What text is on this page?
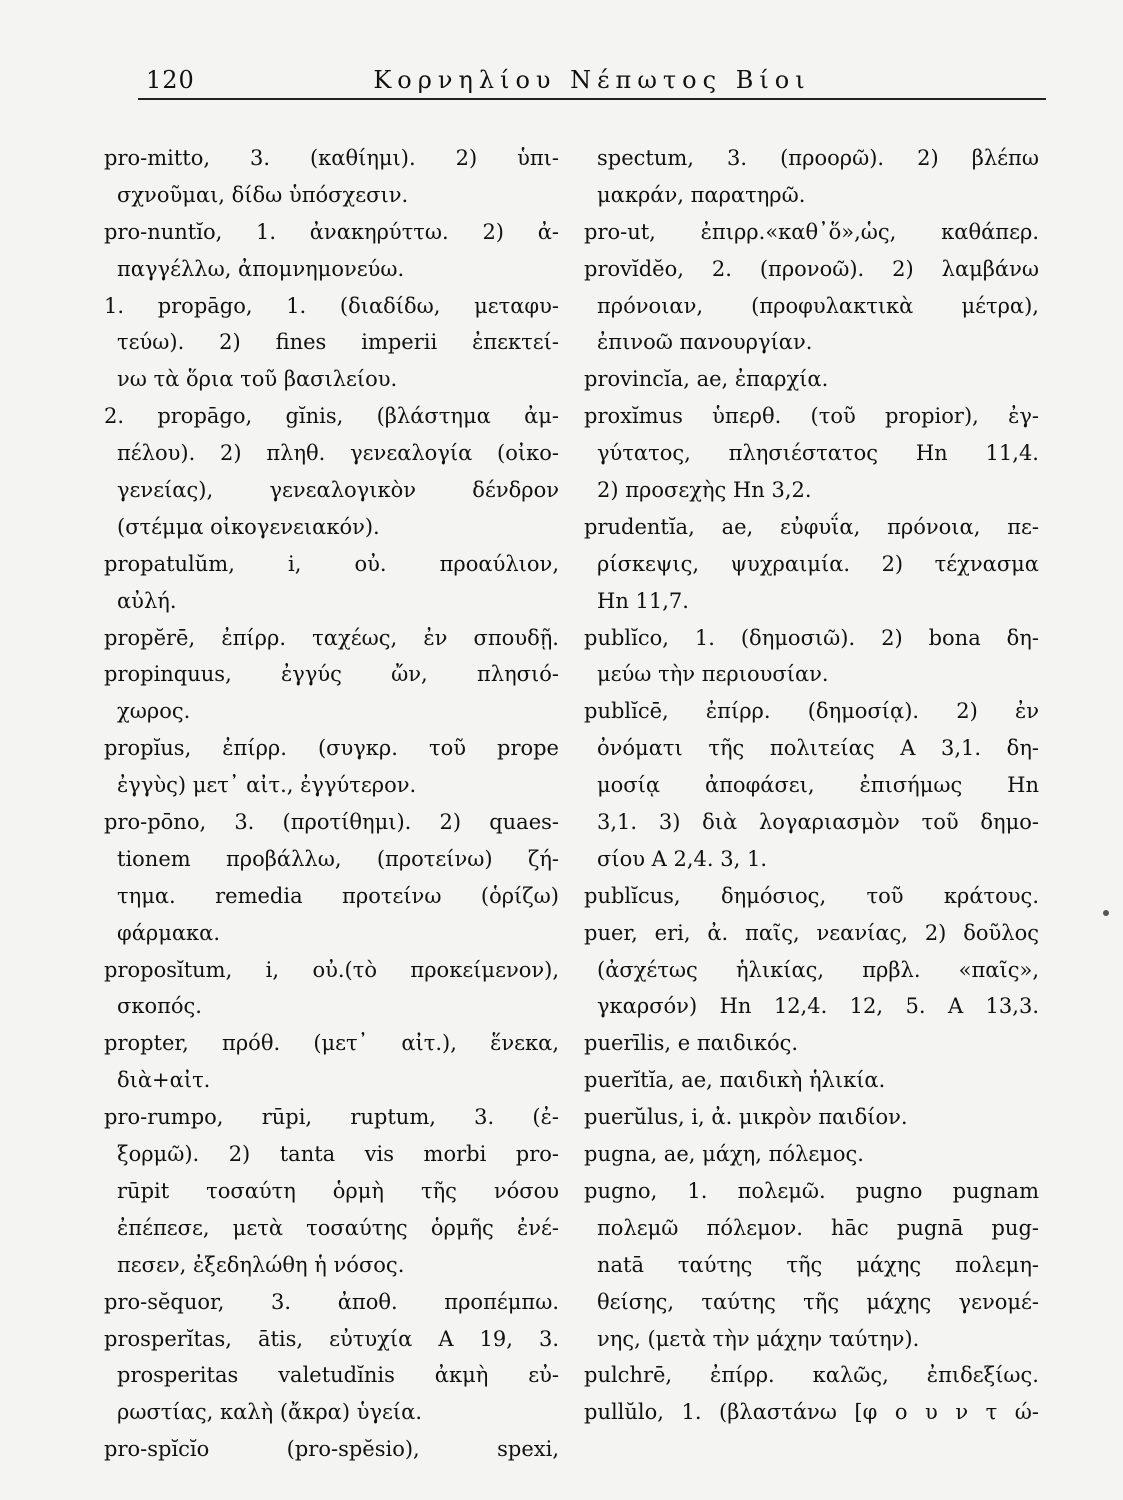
120	Κορνηλίου Νέπωτος Βίοι
pro-mitto, 3. (καθίημι). 2) ὑπι-
σχνοῦμαι, δίδω ὑπόσχεσιν.
pro-nuntĭo, 1. ἀνακηρύττω. 2) ἀ-
παγγέλλω, ἀπομνημονεύω.
1. propāgo, 1. (διαδίδω, μεταφυ-
τεύω). 2) fines imperii ἐπεκτεί-
νω τὰ ὅρια τοῦ βασιλείου.
2. propāgo, gĭnis, (βλάστημα ἀμ-
πέλου). 2) πληθ. γενεαλογία (οἰκο-
γενείας), γενεαλογικὸν δένδρον
(στέμμα οἰκογενειακόν).
propatulŭm, i, οὐ. προαύλιον,
αὐλή.
propĕrē, ἐπίρρ. ταχέως, ἐν σπουδῇ.
propinquus, ἐγγύς ὤν, πλησιό-
χωρος.
propĭus, ἐπίρρ. (συγκρ. τοῦ prope
ἐγγὺς) μετ᾽ αἰτ., ἐγγύτερον.
pro-pōno, 3. (προτίθημι). 2) quaes-
tionem προβάλλω, (προτείνω) ζή-
τημα. remedia προτείνω (ὁρίζω)
φάρμακα.
proposĭtum, i, οὐ.(τὸ προκείμενον),
σκοπός.
propter, πρόθ. (μετ᾽ αἰτ.), ἕνεκα,
διὰ+αἰτ.
pro-rumpo, rūpi, ruptum, 3. (ἐ-
ξορμῶ). 2) tanta vis morbi pro-
rūpit τοσαύτη ὁρμὴ τῆς νόσου
ἐπέπεσε, μετὰ τοσαύτης ὁρμῆς ἐνέ-
πεσεν, ἐξεδηλώθη ἡ νόσος.
pro-sĕquor, 3. ἀποθ. προπέμπω.
prosperĭtas, ātis, εὐτυχία A 19, 3.
prosperitas valetudĭnis ἀκμὴ εὐ-
ρωστίας, καλὴ (ἄκρα) ὑγεία.
pro-spĭcĭo (pro-spĕsio), spexi,
spectum, 3. (προορῶ). 2) βλέπω
μακράν, παρατηρῶ.
pro-ut, ἐπιρρ.«καθ᾽ὅ»,ὡς, καθάπερ.
provĭdĕo, 2. (προνοῶ). 2) λαμβάνω
πρόνοιαν, (προφυλακτικὰ μέτρα),
ἐπινοῶ πανουργίαν.
provincĭa, ae, ἐπαρχία.
proxĭmus ὑπερθ. (τοῦ propior), ἐγ-
γύτατος, πλησιέστατος Hn 11,4.
2) προσεχὴς Hn 3,2.
prudentĭa, ae, εὐφυΐα, πρόνοια, πε-
ρίσκεψις, ψυχραιμία. 2) τέχνασμα
Hn 11,7.
publĭco, 1. (δημοσιῶ). 2) bona δη-
μεύω τὴν περιουσίαν.
publĭcē, ἐπίρρ. (δημοσίᾳ). 2) ἐν
ὀνόματι τῆς πολιτείας A 3,1. δη-
μοσίᾳ ἀποφάσει, ἐπισήμως Hn
3,1. 3) διὰ λογαριασμὸν τοῦ δημο-
σίου A 2,4. 3, 1.
publĭcus, δημόσιος, τοῦ κράτους.
puer, eri, ἀ. παῖς, νεανίας, 2) δοῦλος
(ἀσχέτως ἡλικίας, πρβλ. «παῖς»,
γκαρσόν) Hn 12,4. 12, 5. A 13,3.
puerīlis, e παιδικός.
puerĭtĭa, ae, παιδικὴ ἡλικία.
puerŭlus, i, ἀ. μικρὸν παιδίον.
pugna, ae, μάχη, πόλεμος.
pugno, 1. πολεμῶ. pugno pugnam
πολεμῶ πόλεμον. hāc pugnā pug-
natā ταύτης τῆς μάχης πολεμη-
θείσης, ταύτης τῆς μάχης γενομέ-
νης, (μετὰ τὴν μάχην ταύτην).
pulchrē, ἐπίρρ. καλῶς, ἐπιδεξίως.
pullŭlo, 1. (βλαστάνω [φ ο υ ν τ ώ-
